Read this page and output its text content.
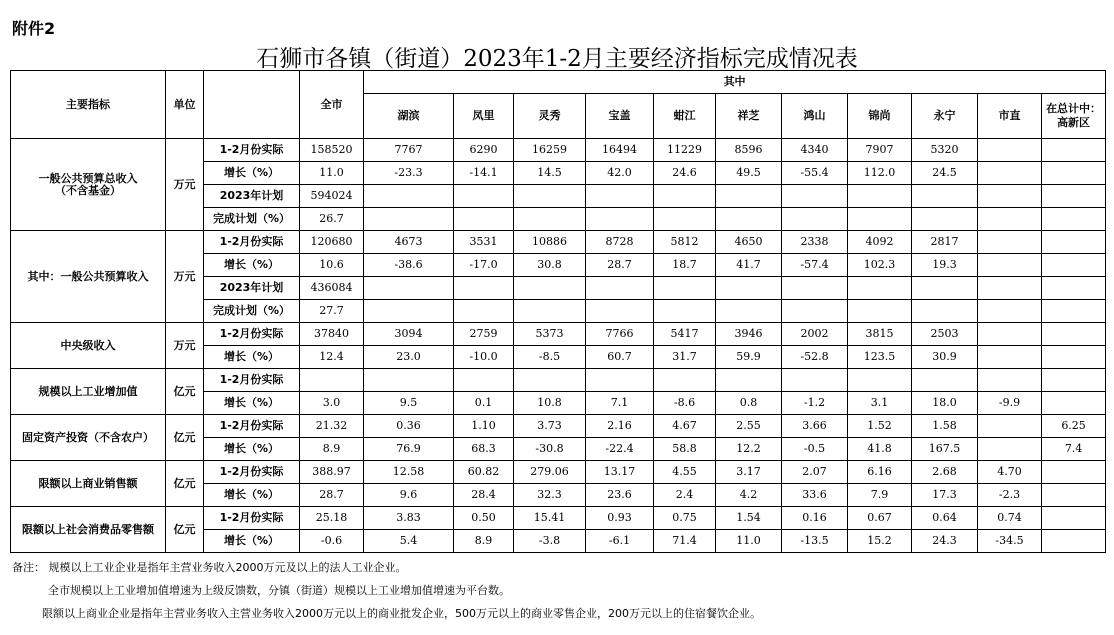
附件2
石狮市各镇（街道）2023年1-2月主要经济指标完成情况表
主要指标	单位		全市	其中										
				湖滨	凤里	灵秀	宝盖	蚶江	祥芝	鸿山	锦尚	永宁	市直	在总计中：高新区
一般公共预算总收入
（不含基金）	万元	1-2月份实际	158520	7767	6290	16259	16494	11229	8596	4340	7907	5320		
		增长（%）	11.0	-23.3	-14.1	14.5	42.0	24.6	49.5	-55.4	112.0	24.5		
		2023年计划	594024											
		完成计划（%）	26.7											
其中：一般公共预算收入	万元	1-2月份实际	120680	4673	3531	10886	8728	5812	4650	2338	4092	2817		
		增长（%）	10.6	-38.6	-17.0	30.8	28.7	18.7	41.7	-57.4	102.3	19.3		
		2023年计划	436084											
		完成计划（%）	27.7											
中央级收入	万元	1-2月份实际	37840	3094	2759	5373	7766	5417	3946	2002	3815	2503		
		增长（%）	12.4	23.0	-10.0	-8.5	60.7	31.7	59.9	-52.8	123.5	30.9		
规模以上工业增加值	亿元	1-2月份实际												
		增长（%）	3.0	9.5	0.1	10.8	7.1	-8.6	0.8	-1.2	3.1	18.0	-9.9	
固定资产投资（不含农户）	亿元	1-2月份实际	21.32	0.36	1.10	3.73	2.16	4.67	2.55	3.66	1.52	1.58		6.25
		增长（%）	8.9	76.9	68.3	-30.8	-22.4	58.8	12.2	-0.5	41.8	167.5		7.4
限额以上商业销售额	亿元	1-2月份实际	388.97	12.58	60.82	279.06	13.17	4.55	3.17	2.07	6.16	2.68	4.70	
		增长（%）	28.7	9.6	28.4	32.3	23.6	2.4	4.2	33.6	7.9	17.3	-2.3	
限额以上社会消费品零售额	亿元	1-2月份实际	25.18	3.83	0.50	15.41	0.93	0.75	1.54	0.16	0.67	0.64	0.74	
		增长（%）	-0.6	5.4	8.9	-3.8	-6.1	71.4	11.0	-13.5	15.2	24.3	-34.5	
备注： 规模以上工业企业是指年主营业务收入2000万元及以上的法人工业企业。
全市规模以上工业增加值增速为上级反馈数，分镇（街道）规模以上工业增加值增速为平台数。
限额以上商业企业是指年主营业务收入主营业务收入2000万元以上的商业批发企业，500万元以上的商业零售企业，200万元以上的住宿餐饮企业。
